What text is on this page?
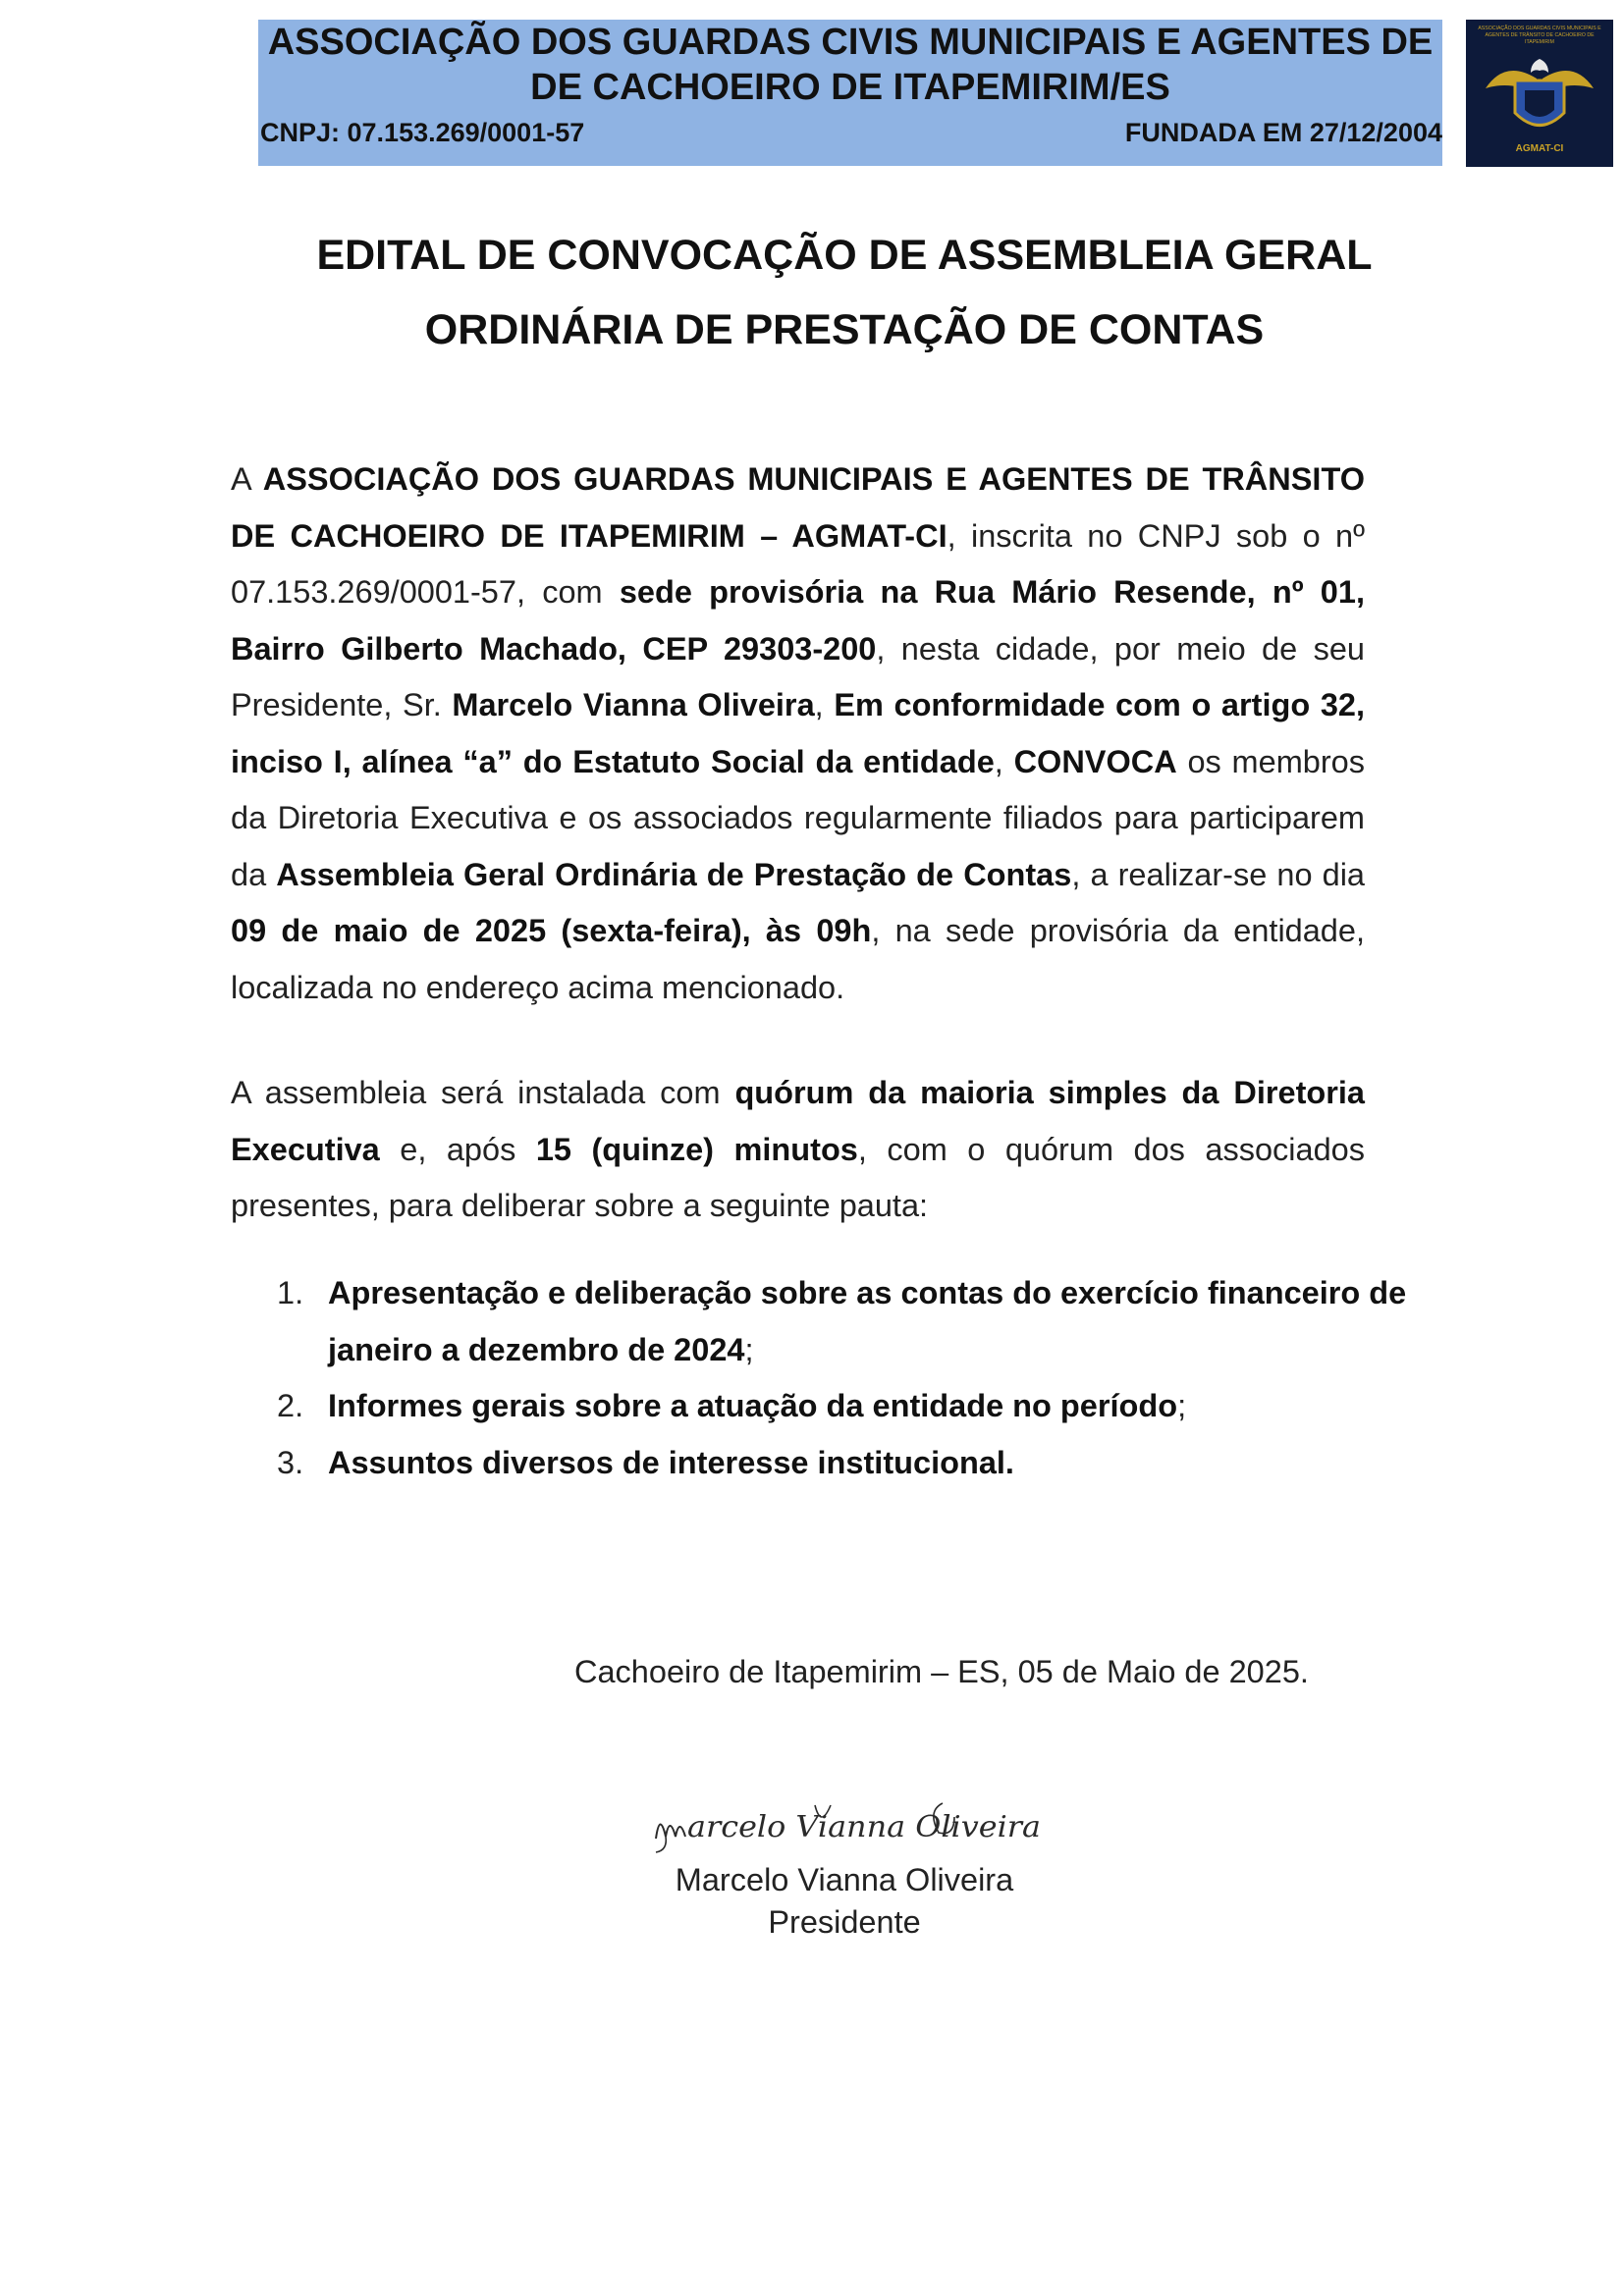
ASSOCIAÇÃO DOS GUARDAS CIVIS MUNICIPAIS E AGENTES DE DE CACHOEIRO DE ITAPEMIRIM/ES
CNPJ: 07.153.269/0001-57	FUNDADA EM 27/12/2004
ASSOCIAÇÃO DOS GUARDAS CIVIS MUNICIPAIS E
AGENTES DE TRÂNSITO DE CACHOEIRO DE
ITAPEMIRIM
AGMAT-CI
EDITAL DE CONVOCAÇÃO DE ASSEMBLEIA GERAL
ORDINÁRIA DE PRESTAÇÃO DE CONTAS
A ASSOCIAÇÃO DOS GUARDAS MUNICIPAIS E AGENTES DE TRÂNSITO DE CACHOEIRO DE ITAPEMIRIM – AGMAT-CI, inscrita no CNPJ sob o nº 07.153.269/0001-57, com sede provisória na Rua Mário Resende, nº 01, Bairro Gilberto Machado, CEP 29303-200, nesta cidade, por meio de seu Presidente, Sr. Marcelo Vianna Oliveira, Em conformidade com o artigo 32, inciso I, alínea “a” do Estatuto Social da entidade, CONVOCA os membros da Diretoria Executiva e os associados regularmente filiados para participarem da Assembleia Geral Ordinária de Prestação de Contas, a realizar-se no dia 09 de maio de 2025 (sexta-feira), às 09h, na sede provisória da entidade, localizada no endereço acima mencionado.
A assembleia será instalada com quórum da maioria simples da Diretoria Executiva e, após 15 (quinze) minutos, com o quórum dos associados presentes, para deliberar sobre a seguinte pauta:
1. Apresentação e deliberação sobre as contas do exercício financeiro de janeiro a dezembro de 2024;
2. Informes gerais sobre a atuação da entidade no período;
3. Assuntos diversos de interesse institucional.
Cachoeiro de Itapemirim – ES, 05 de Maio de 2025.
arcelo Vianna Oliveira
Marcelo Vianna Oliveira
Presidente
